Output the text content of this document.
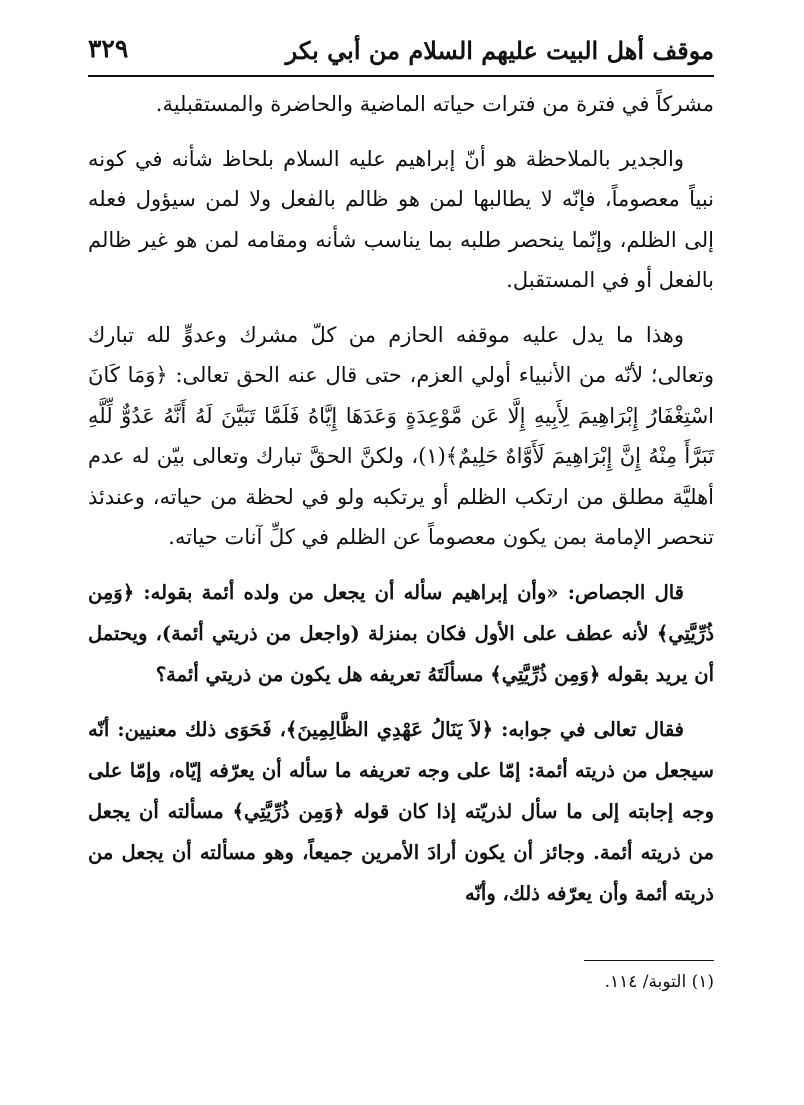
موقف أهل البيت عليهم السلام من أبي بكر
٣٢٩

مشركاً في فترة من فترات حياته الماضية والحاضرة والمستقبلية.

والجدير بالملاحظة هو أنّ إبراهيم عليه السلام بلحاظ شأنه في كونه نبياً معصوماً، فإنّه لا يطالبها لمن هو ظالم بالفعل ولا لمن سيؤول فعله إلى الظلم، وإنّما ينحصر طلبه بما يناسب شأنه ومقامه لمن هو غير ظالم بالفعل أو في المستقبل.

وهذا ما يدل عليه موقفه الحازم من كلّ مشرك وعدوٍّ لله تبارك وتعالى؛ لأنّه من الأنبياء أولي العزم، حتى قال عنه الحق تعالى: ﴿وَمَا كَانَ اسْتِغْفَارُ إِبْرَاهِيمَ لِأَبِيهِ إِلَّا عَن مَّوْعِدَةٍ وَعَدَهَا إِيَّاهُ فَلَمَّا تَبَيَّنَ لَهُ أَنَّهُ عَدُوٌّ لِّلَّهِ تَبَرَّأَ مِنْهُ إِنَّ إِبْرَاهِيمَ لَأَوَّاهٌ حَلِيمٌ﴾(١)، ولكنَّ الحقَّ تبارك وتعالى بيّن له عدم أهليَّة مطلق من ارتكب الظلم أو يرتكبه ولو في لحظة من حياته، وعندئذ تنحصر الإمامة بمن يكون معصوماً عن الظلم في كلِّ آنات حياته.

قال الجصاص: «وأن إبراهيم سأله أن يجعل من ولده أئمة بقوله: ﴿وَمِن ذُرِّيَّتِي﴾ لأنه عطف على الأول فكان بمنزلة (واجعل من ذريتي أئمة)، ويحتمل أن يريد بقوله ﴿وَمِن ذُرِّيَّتِي﴾ مسألَتَهُ تعريفه هل يكون من ذريتي أئمة؟

فقال تعالى في جوابه: ﴿لاَ يَنَالُ عَهْدِي الظَّالِمِينَ﴾، فَحَوَى ذلك معنيين: أنّه سيجعل من ذريته أئمة: إمّا على وجه تعريفه ما سأله أن يعرّفه إيّاه، وإمّا على وجه إجابته إلى ما سأل لذريّته إذا كان قوله ﴿وَمِن ذُرِّيَّتِي﴾ مسألته أن يجعل من ذريته أئمة. وجائز أن يكون أرادَ الأمرين جميعاً، وهو مسألته أن يجعل من ذريته أئمة وأن يعرّفه ذلك، وأنّه

(١) التوبة/ ١١٤.
